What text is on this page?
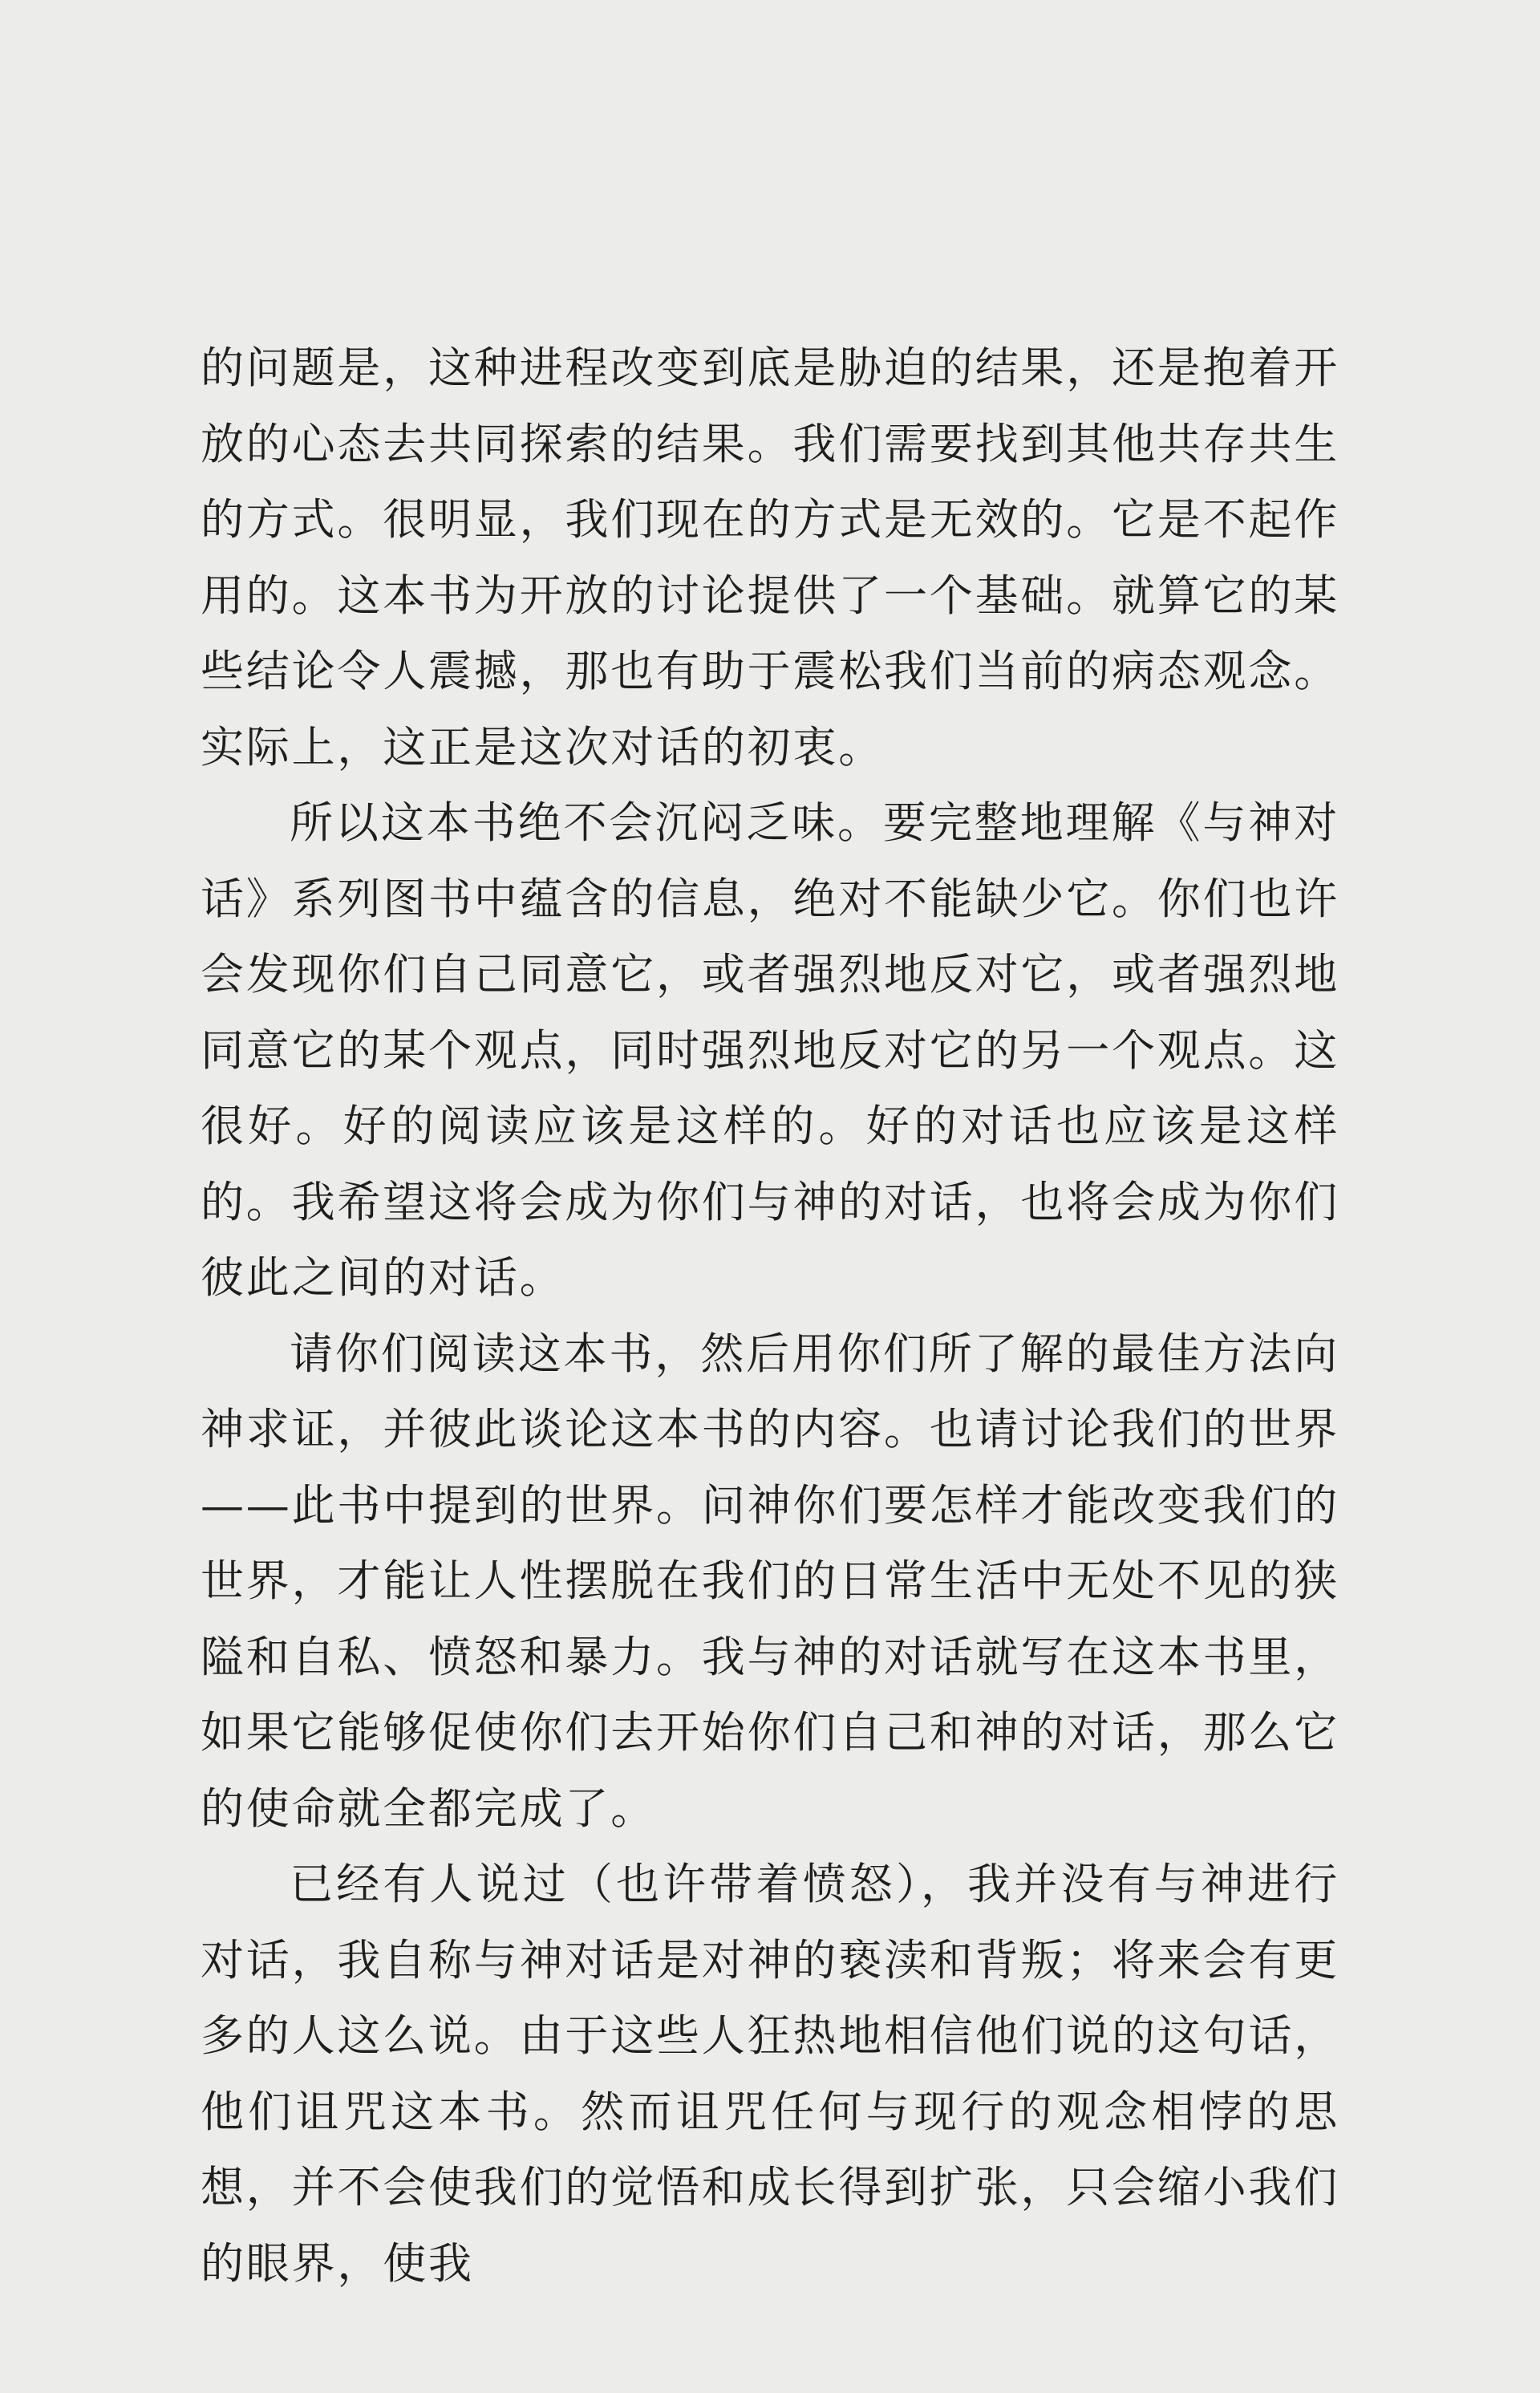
的问题是，这种进程改变到底是胁迫的结果，还是抱着开放的心态去共同探索的结果。我们需要找到其他共存共生的方式。很明显，我们现在的方式是无效的。它是不起作用的。这本书为开放的讨论提供了一个基础。就算它的某些结论令人震撼，那也有助于震松我们当前的病态观念。实际上，这正是这次对话的初衷。

所以这本书绝不会沉闷乏味。要完整地理解《与神对话》系列图书中蕴含的信息，绝对不能缺少它。你们也许会发现你们自己同意它，或者强烈地反对它，或者强烈地同意它的某个观点，同时强烈地反对它的另一个观点。这很好。好的阅读应该是这样的。好的对话也应该是这样的。我希望这将会成为你们与神的对话，也将会成为你们彼此之间的对话。

请你们阅读这本书，然后用你们所了解的最佳方法向神求证，并彼此谈论这本书的内容。也请讨论我们的世界——此书中提到的世界。问神你们要怎样才能改变我们的世界，才能让人性摆脱在我们的日常生活中无处不见的狭隘和自私、愤怒和暴力。我与神的对话就写在这本书里，如果它能够促使你们去开始你们自己和神的对话，那么它的使命就全都完成了。

已经有人说过（也许带着愤怒），我并没有与神进行对话，我自称与神对话是对神的亵渎和背叛；将来会有更多的人这么说。由于这些人狂热地相信他们说的这句话，他们诅咒这本书。然而诅咒任何与现行的观念相悖的思想，并不会使我们的觉悟和成长得到扩张，只会缩小我们的眼界，使我
